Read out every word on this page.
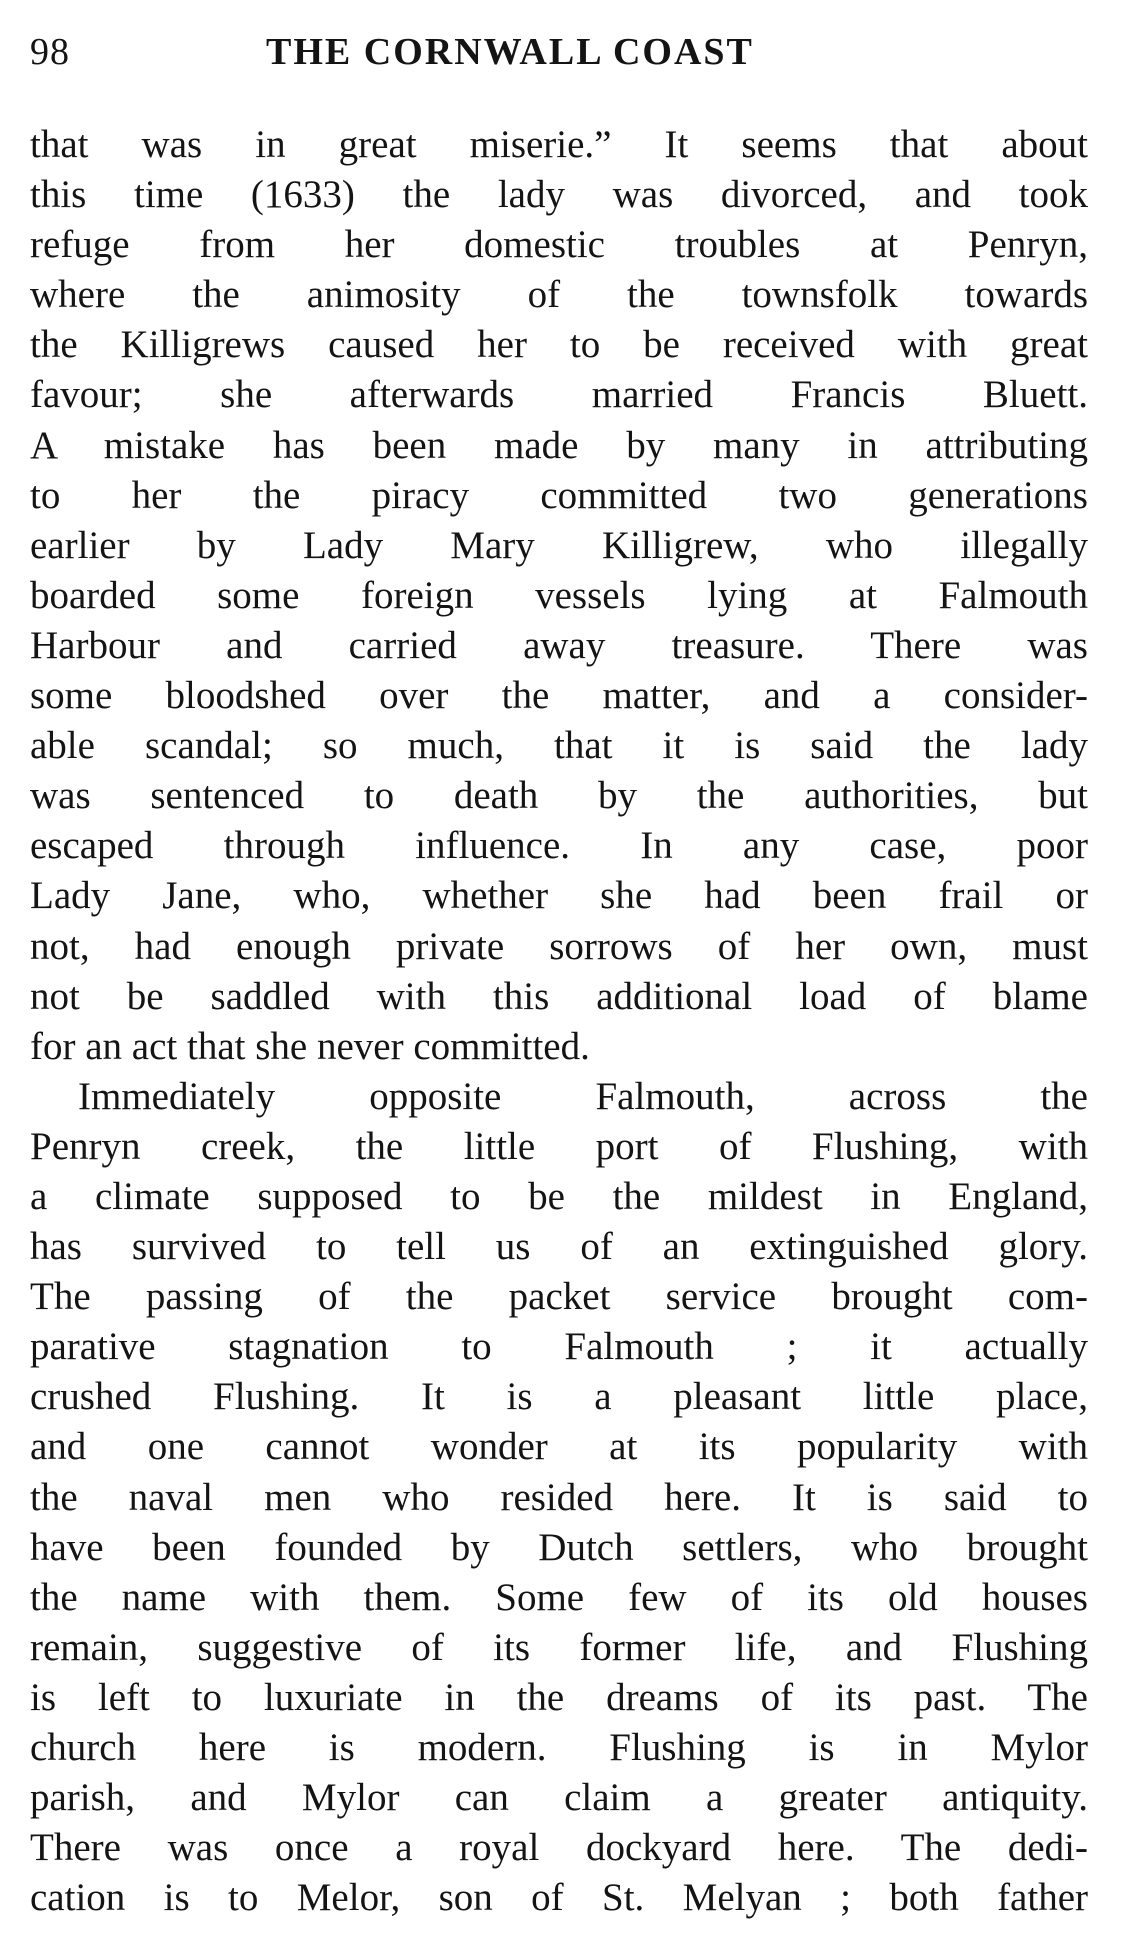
98	THE CORNWALL COAST
that was in great miserie.” It seems that about
this time (1633) the lady was divorced, and took
refuge from her domestic troubles at Penryn,
where the animosity of the townsfolk towards
the Killigrews caused her to be received with great
favour; she afterwards married Francis Bluett.
A mistake has been made by many in attributing
to her the piracy committed two generations
earlier by Lady Mary Killigrew, who illegally
boarded some foreign vessels lying at Falmouth
Harbour and carried away treasure. There was
some bloodshed over the matter, and a consider-
able scandal; so much, that it is said the lady
was sentenced to death by the authorities, but
escaped through influence. In any case, poor
Lady Jane, who, whether she had been frail or
not, had enough private sorrows of her own, must
not be saddled with this additional load of blame
for an act that she never committed.
Immediately opposite Falmouth, across the
Penryn creek, the little port of Flushing, with
a climate supposed to be the mildest in England,
has survived to tell us of an extinguished glory.
The passing of the packet service brought com-
parative stagnation to Falmouth ; it actually
crushed Flushing. It is a pleasant little place,
and one cannot wonder at its popularity with
the naval men who resided here. It is said to
have been founded by Dutch settlers, who brought
the name with them. Some few of its old houses
remain, suggestive of its former life, and Flushing
is left to luxuriate in the dreams of its past. The
church here is modern. Flushing is in Mylor
parish, and Mylor can claim a greater antiquity.
There was once a royal dockyard here. The dedi-
cation is to Melor, son of St. Melyan ; both father
